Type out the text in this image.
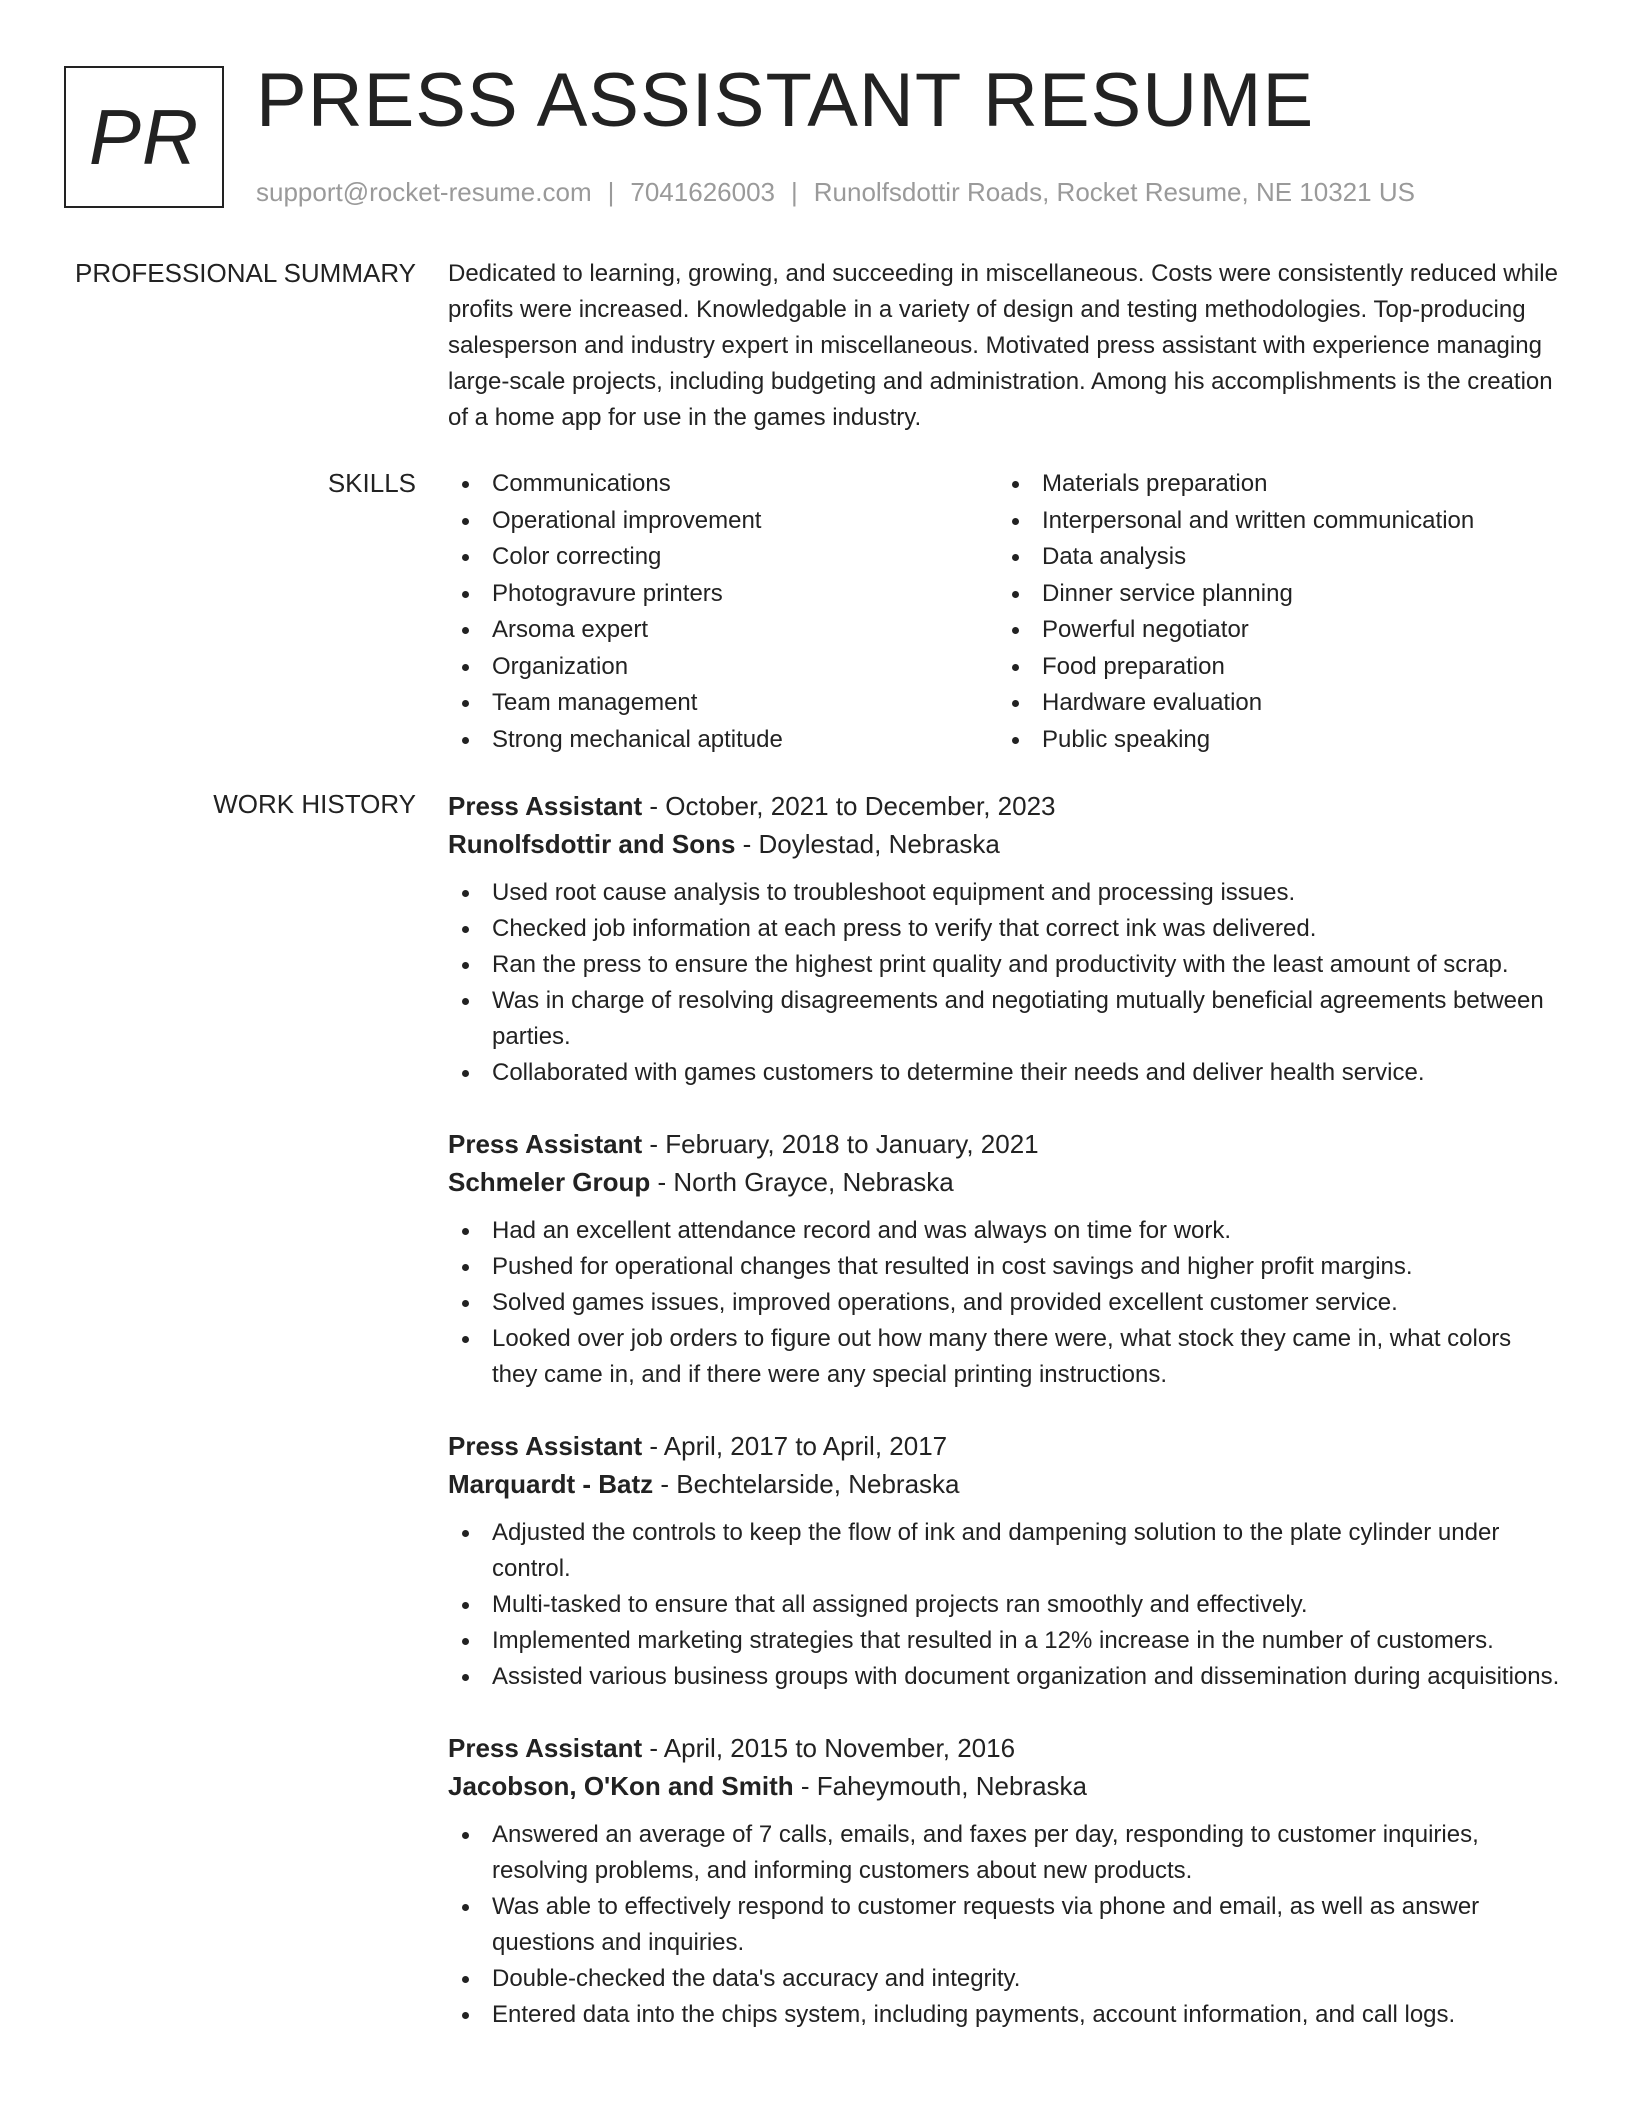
PR PRESS ASSISTANT RESUME
support@rocket-resume.com | 7041626003 | Runolfsdottir Roads, Rocket Resume, NE 10321 US
PROFESSIONAL SUMMARY Dedicated to learning, growing, and succeeding in miscellaneous. Costs were consistently reduced while profits were increased. Knowledgable in a variety of design and testing methodologies. Top-producing salesperson and industry expert in miscellaneous. Motivated press assistant with experience managing large-scale projects, including budgeting and administration. Among his accomplishments is the creation of a home app for use in the games industry.

SKILLS	Communications
Operational improvement
Color correcting
Photogravure printers
Arsoma expert
Organization
Team management
Strong mechanical aptitude
Materials preparation
Interpersonal and written communication
Data analysis
Dinner service planning
Powerful negotiator
Food preparation
Hardware evaluation
Public speaking
WORK HISTORY Press Assistant - October, 2021 to December, 2023
Runolfsdottir and Sons - Doylestad, Nebraska
Used root cause analysis to troubleshoot equipment and processing issues.
Checked job information at each press to verify that correct ink was delivered.
Ran the press to ensure the highest print quality and productivity with the least amount of scrap.
Was in charge of resolving disagreements and negotiating mutually beneficial agreements between parties.
Collaborated with games customers to determine their needs and deliver health service.
Press Assistant - February, 2018 to January, 2021
Schmeler Group - North Grayce, Nebraska
Had an excellent attendance record and was always on time for work.
Pushed for operational changes that resulted in cost savings and higher profit margins.
Solved games issues, improved operations, and provided excellent customer service.
Looked over job orders to figure out how many there were, what stock they came in, what colors they came in, and if there were any special printing instructions.
Press Assistant - April, 2017 to April, 2017
Marquardt - Batz - Bechtelarside, Nebraska
Adjusted the controls to keep the flow of ink and dampening solution to the plate cylinder under control.
Multi-tasked to ensure that all assigned projects ran smoothly and effectively.
Implemented marketing strategies that resulted in a 12% increase in the number of customers.
Assisted various business groups with document organization and dissemination during acquisitions.
Press Assistant - April, 2015 to November, 2016
Jacobson, O'Kon and Smith - Faheymouth, Nebraska
Answered an average of 7 calls, emails, and faxes per day, responding to customer inquiries, resolving problems, and informing customers about new products.
Was able to effectively respond to customer requests via phone and email, as well as answer questions and inquiries.
Double-checked the data's accuracy and integrity.
Entered data into the chips system, including payments, account information, and call logs.
